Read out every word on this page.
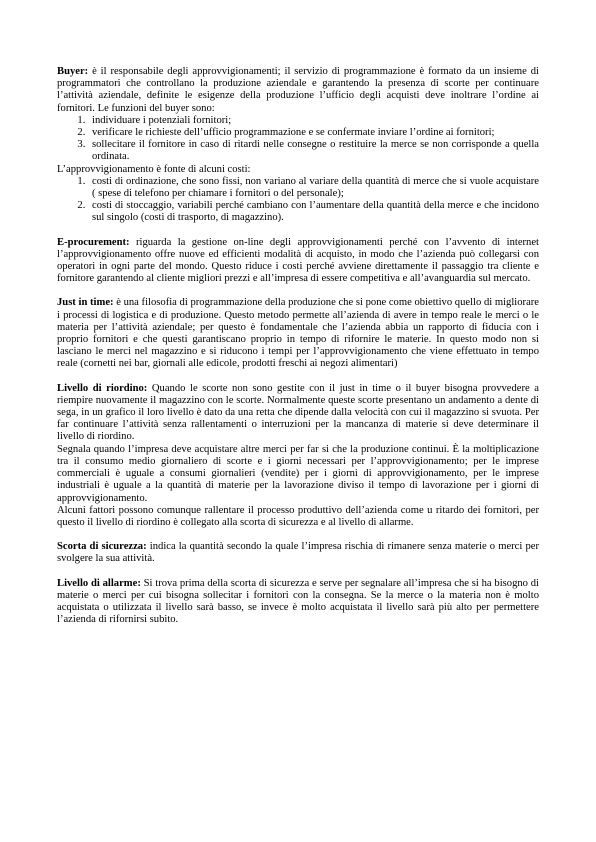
Buyer: è il responsabile degli approvvigionamenti; il servizio di programmazione è formato da un insieme di programmatori che controllano la produzione aziendale e garantendo la presenza di scorte per continuare l’attività aziendale, definite le esigenze della produzione l’ufficio degli acquisti deve inoltrare l’ordine ai fornitori. Le funzioni del buyer sono:

1. individuare i potenziali fornitori;
2. verificare le richieste dell’ufficio programmazione e se confermate inviare l’ordine ai fornitori;
3. sollecitare il fornitore in caso di ritardi nelle consegne o restituire la merce se non corrisponde a quella ordinata.

L’approvvigionamento è fonte di alcuni costi:

1. costi di ordinazione, che sono fissi, non variano al variare della quantità di merce che si vuole acquistare ( spese di telefono per chiamare i fornitori o del personale);
2. costi di stoccaggio, variabili perché cambiano con l’aumentare della quantità della merce e che incidono sul singolo (costi di trasporto, di magazzino).

E-procurement: riguarda la gestione on-line degli approvvigionamenti perché con l’avvento di internet l’approvvigionamento offre nuove ed efficienti modalità di acquisto, in modo che l’azienda può collegarsi con operatori in ogni parte del mondo. Questo riduce i costi perché avviene direttamente il passaggio tra cliente e fornitore garantendo al cliente migliori prezzi e all’impresa di essere competitiva e all’avanguardia sul mercato.

Just in time: è una filosofia di programmazione della produzione che si pone come obiettivo quello di migliorare i processi di logistica e di produzione. Questo metodo permette all’azienda di avere in tempo reale le merci o le materia per l’attività aziendale; per questo è fondamentale che l’azienda abbia un rapporto di fiducia con i proprio fornitori e che questi garantiscano proprio in tempo di rifornire le materie. In questo modo non si lasciano le merci nel magazzino e si riducono i tempi per l’approvvigionamento che viene effettuato in tempo reale (cornetti nei bar, giornali alle edicole, prodotti freschi ai negozi alimentari)

Livello di riordino: Quando le scorte non sono gestite con il just in time o il buyer bisogna provvedere a riempire nuovamente il magazzino con le scorte. Normalmente queste scorte presentano un andamento a dente di sega, in un grafico il loro livello è dato da una retta che dipende dalla velocità con cui il magazzino si svuota. Per far continuare l’attività senza rallentamenti o interruzioni per la mancanza di materie si deve determinare il livello di riordino.

Segnala quando l’impresa deve acquistare altre merci per far si che la produzione continui. È la moltiplicazione tra il consumo medio giornaliero di scorte e i giorni necessari per l’approvvigionamento; per le imprese commerciali è uguale a consumi giornalieri (vendite) per i giorni di approvvigionamento, per le imprese industriali è uguale a la quantità di materie per la lavorazione diviso il tempo di lavorazione per i giorni di approvvigionamento.

Alcuni fattori possono comunque rallentare il processo produttivo dell’azienda come u ritardo dei fornitori, per questo il livello di riordino è collegato alla scorta di sicurezza e al livello di allarme.

Scorta di sicurezza: indica la quantità secondo la quale l’impresa rischia di rimanere senza materie o merci per svolgere la sua attività.

Livello di allarme: Si trova prima della scorta di sicurezza e serve per segnalare all’impresa che si ha bisogno di materie o merci per cui bisogna sollecitar i fornitori con la consegna. Se la merce o la materia non è molto acquistata o utilizzata il livello sarà basso, se invece è molto acquistata il livello sarà più alto per permettere l’azienda di rifornirsi subito.
